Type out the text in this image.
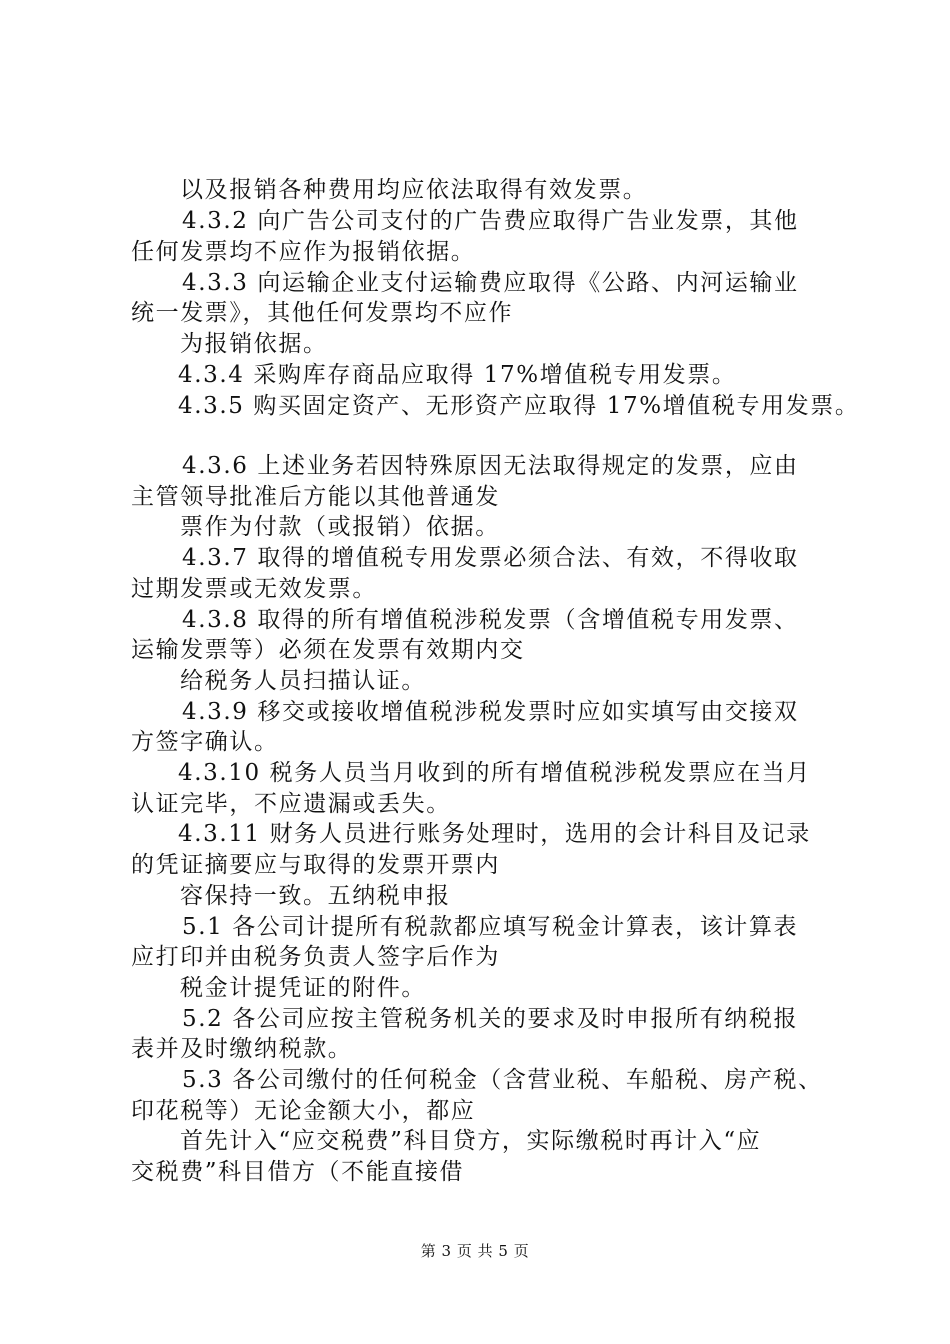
以及报销各种费用均应依法取得有效发票。
4.3.2 向广告公司支付的广告费应取得广告业发票，其他
任何发票均不应作为报销依据。
4.3.3 向运输企业支付运输费应取得《公路、内河运输业
统一发票》，其他任何发票均不应作
为报销依据。
4.3.4 采购库存商品应取得 17%增值税专用发票。
4.3.5 购买固定资产、无形资产应取得 17%增值税专用发票。
4.3.6 上述业务若因特殊原因无法取得规定的发票，应由
主管领导批准后方能以其他普通发
票作为付款（或报销）依据。
4.3.7 取得的增值税专用发票必须合法、有效，不得收取
过期发票或无效发票。
4.3.8 取得的所有增值税涉税发票（含增值税专用发票、
运输发票等）必须在发票有效期内交
给税务人员扫描认证。
4.3.9 移交或接收增值税涉税发票时应如实填写由交接双
方签字确认。
4.3.10 税务人员当月收到的所有增值税涉税发票应在当月
认证完毕，不应遗漏或丢失。
4.3.11 财务人员进行账务处理时，选用的会计科目及记录
的凭证摘要应与取得的发票开票内
容保持一致。五纳税申报
5.1 各公司计提所有税款都应填写税金计算表，该计算表
应打印并由税务负责人签字后作为
税金计提凭证的附件。
5.2 各公司应按主管税务机关的要求及时申报所有纳税报
表并及时缴纳税款。
5.3 各公司缴付的任何税金（含营业税、车船税、房产税、
印花税等）无论金额大小，都应
首先计入“应交税费”科目贷方，实际缴税时再计入“应
交税费”科目借方（不能直接借
第 3 页 共 5 页
